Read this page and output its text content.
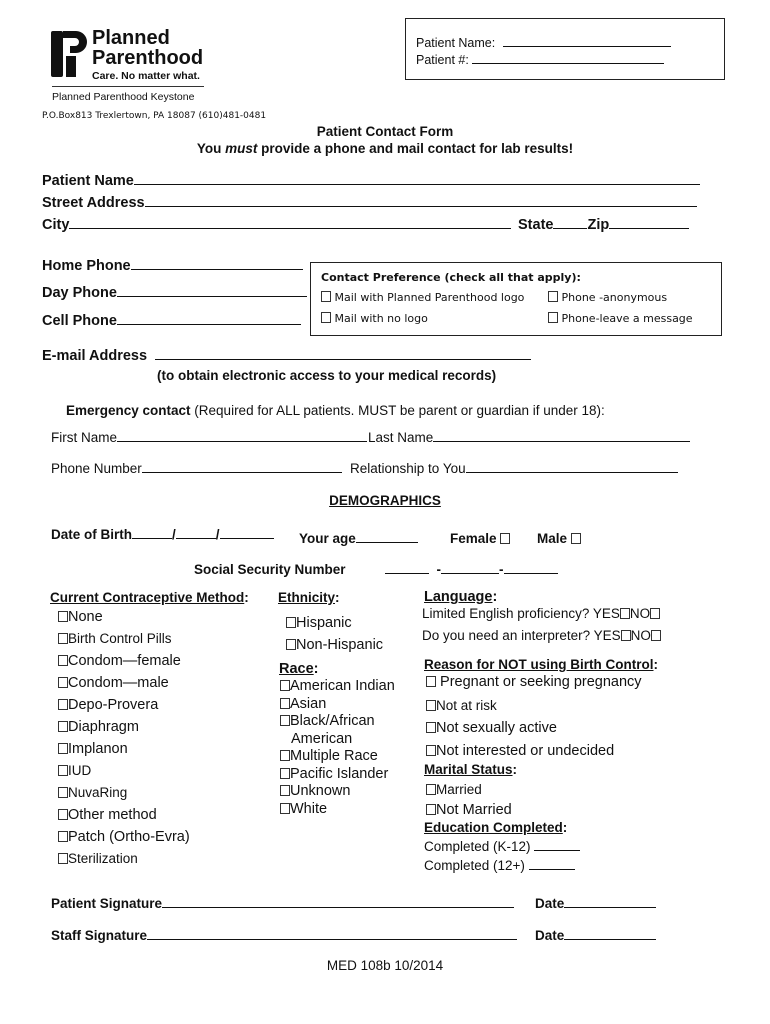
Planned
Parenthood
Care. No matter what.
Planned Parenthood Keystone
P.O.Box813 Trexlertown, PA 18087 (610)481-0481
Patient Name:
Patient #:
Patient Contact Form
You must provide a phone and mail contact for lab results!
Patient Name
Street Address
City	State Zip
Home Phone
Day Phone
Cell Phone
Contact Preference (check all that apply):
Mail with Planned Parenthood logo	Phone -anonymous
Mail with no logo	Phone-leave a message
E-mail Address
(to obtain electronic access to your medical records)
Emergency contact (Required for ALL patients. MUST be parent or guardian if under 18):
First Name	Last Name
Phone Number	Relationship to You
DEMOGRAPHICS
Date of Birth	/	/	Your age	Female	Male
Social Security Number	-	-
Current Contraceptive Method:
None
Birth Control Pills
Condom—female
Condom—male
Depo-Provera
Diaphragm
Implanon
IUD
NuvaRing
Other method
Patch (Ortho-Evra)
Sterilization
Ethnicity:
Hispanic
Non-Hispanic
Race:
American Indian
Asian
Black/African
American
Multiple Race
Pacific Islander
Unknown
White
Language:
Limited English proficiency? YES NO
Do you need an interpreter? YES NO
Reason for NOT using Birth Control:
Pregnant or seeking pregnancy
Not at risk
Not sexually active
Not interested or undecided
Marital Status:
Married
Not Married
Education Completed:
Completed (K-12)
Completed (12+)
Patient Signature	Date
Staff Signature	Date
MED 108b 10/2014
